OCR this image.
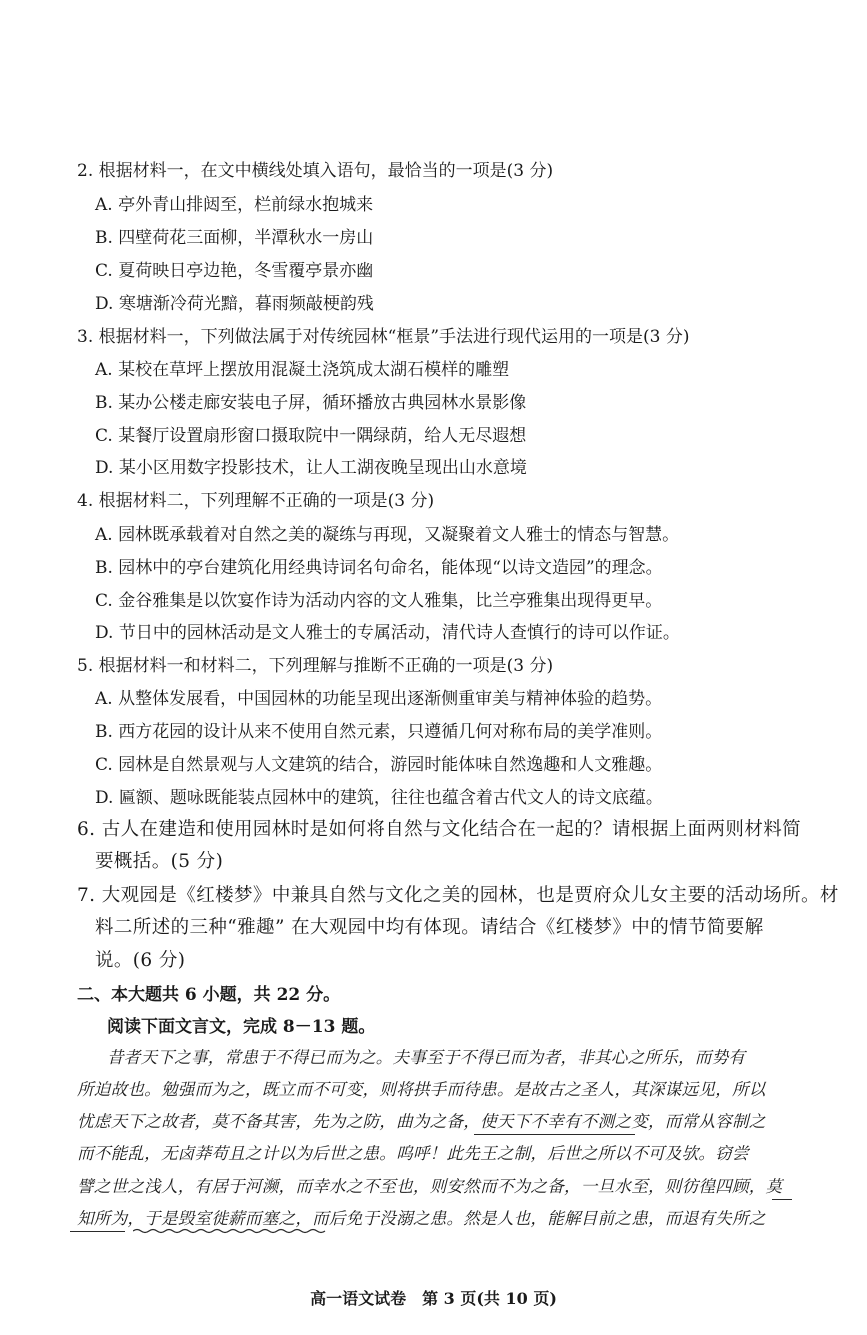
2. 根据材料一，在文中横线处填入语句，最恰当的一项是(3 分)
A. 亭外青山排闼至，栏前绿水抱城来
B. 四壁荷花三面柳，半潭秋水一房山
C. 夏荷映日亭边艳，冬雪覆亭景亦幽
D. 寒塘渐冷荷光黯，暮雨频敲梗韵残
3. 根据材料一，下列做法属于对传统园林“框景”手法进行现代运用的一项是(3 分)
A. 某校在草坪上摆放用混凝土浇筑成太湖石模样的雕塑
B. 某办公楼走廊安装电子屏，循环播放古典园林水景影像
C. 某餐厅设置扇形窗口摄取院中一隅绿荫，给人无尽遐想
D. 某小区用数字投影技术，让人工湖夜晚呈现出山水意境
4. 根据材料二，下列理解不正确的一项是(3 分)
A. 园林既承载着对自然之美的凝练与再现，又凝聚着文人雅士的情态与智慧。
B. 园林中的亭台建筑化用经典诗词名句命名，能体现“以诗文造园”的理念。
C. 金谷雅集是以饮宴作诗为活动内容的文人雅集，比兰亭雅集出现得更早。
D. 节日中的园林活动是文人雅士的专属活动，清代诗人查慎行的诗可以作证。
5. 根据材料一和材料二，下列理解与推断不正确的一项是(3 分)
A. 从整体发展看，中国园林的功能呈现出逐渐侧重审美与精神体验的趋势。
B. 西方花园的设计从来不使用自然元素，只遵循几何对称布局的美学准则。
C. 园林是自然景观与人文建筑的结合，游园时能体味自然逸趣和人文雅趣。
D. 匾额、题咏既能装点园林中的建筑，往往也蕴含着古代文人的诗文底蕴。
6. 古人在建造和使用园林时是如何将自然与文化结合在一起的？请根据上面两则材料简
要概括。(5 分)
7. 大观园是《红楼梦》中兼具自然与文化之美的园林，也是贾府众儿女主要的活动场所。材
料二所述的三种“雅趣” 在大观园中均有体现。请结合《红楼梦》中的情节简要解
说。(6 分)
二、本大题共 6 小题，共 22 分。
阅读下面文言文，完成 8－13 题。
昔者天下之事，常患于不得已而为之。夫事至于不得已而为者，非其心之所乐，而势有
所迫故也。勉强而为之，既立而不可变，则将拱手而待患。是故古之圣人，其深谋远见，所以
忧虑天下之故者，莫不备其害，先为之防，曲为之备，使天下不幸有不测之变，而常从容制之
而不能乱，无卤莽苟且之计以为后世之患。呜呼！此先王之制，后世之所以不可及欤。窃尝
譬之世之浅人，有居于河濒，而幸水之不至也，则安然而不为之备，一旦水至，则彷徨四顾，莫
知所为，于是毁室徙薪而塞之，而后免于没溺之患。然是人也，能解目前之患，而退有失所之
高一语文试卷　第 3 页(共 10 页)
